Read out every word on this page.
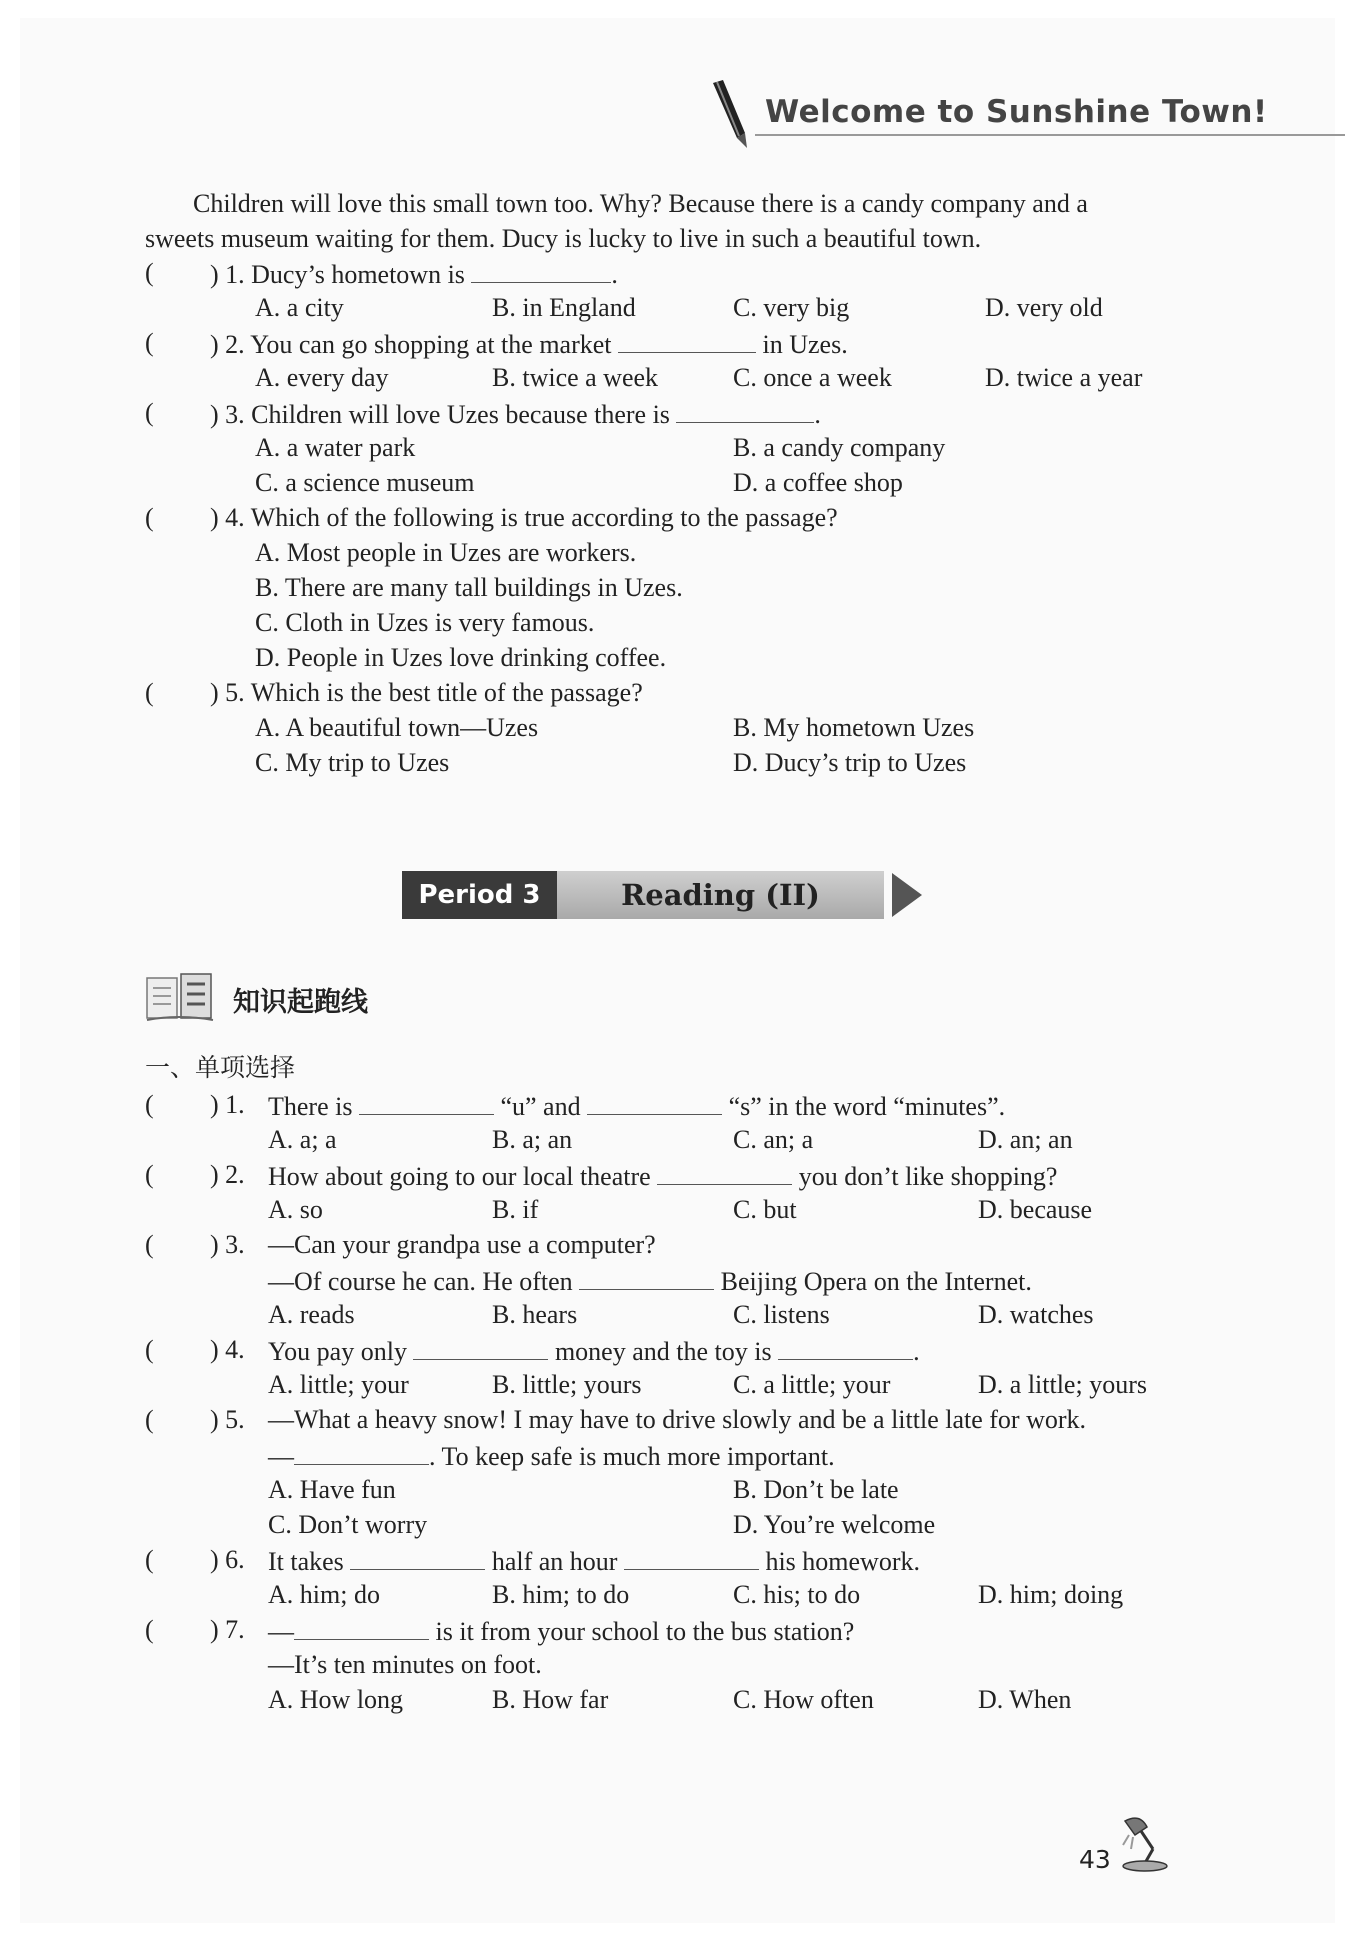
Welcome to Sunshine Town!
Children will love this small town too. Why? Because there is a candy company and a
sweets museum waiting for them. Ducy is lucky to live in such a beautiful town.
( ) 1. Ducy’s hometown is	.
A. a city	B. in England	C. very big	D. very old
( ) 2. You can go shopping at the market	in Uzes.
A. every day	B. twice a week	C. once a week	D. twice a year
( ) 3. Children will love Uzes because there is	.
A. a water park	B. a candy company
C. a science museum	D. a coffee shop
( ) 4. Which of the following is true according to the passage?
A. Most people in Uzes are workers.
B. There are many tall buildings in Uzes.
C. Cloth in Uzes is very famous.
D. People in Uzes love drinking coffee.
( ) 5. Which is the best title of the passage?
A. A beautiful town—Uzes	B. My hometown Uzes
C. My trip to Uzes	D. Ducy’s trip to Uzes
Period 3	Reading (II)
知识起跑线
一、单项选择
( ) 1. There is	“u” and	“s” in the word “minutes”.
A. a; a	B. a; an	C. an; a	D. an; an
( ) 2. How about going to our local theatre	you don’t like shopping?
A. so	B. if	C. but	D. because
( ) 3. —Can your grandpa use a computer?
—Of course he can. He often	Beijing Opera on the Internet.
A. reads	B. hears	C. listens	D. watches
( ) 4. You pay only	money and the toy is	.
A. little; your	B. little; yours	C. a little; your	D. a little; yours
( ) 5. —What a heavy snow! I may have to drive slowly and be a little late for work.
—	. To keep safe is much more important.
A. Have fun	B. Don’t be late
C. Don’t worry	D. You’re welcome
( ) 6. It takes	half an hour	his homework.
A. him; do	B. him; to do	C. his; to do	D. him; doing
( ) 7. —	is it from your school to the bus station?
—It’s ten minutes on foot.
A. How long	B. How far	C. How often	D. When
43
